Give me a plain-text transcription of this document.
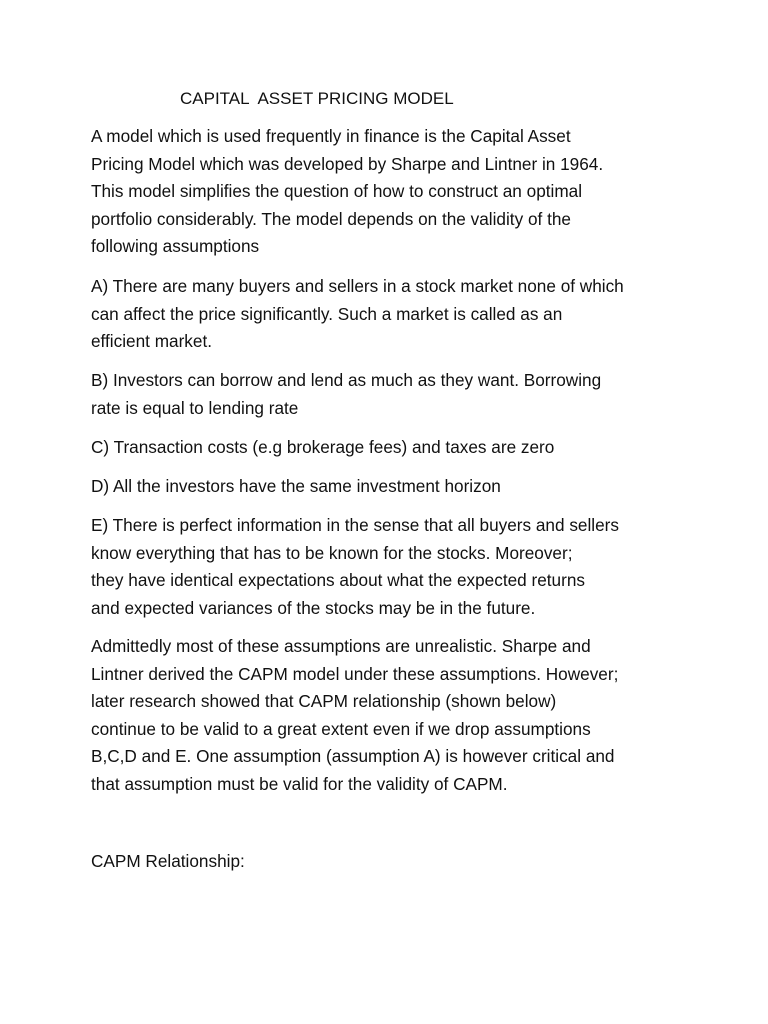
CAPITAL  ASSET PRICING MODEL

A model which is used frequently in finance is the Capital Asset
Pricing Model which was developed by Sharpe and Lintner in 1964.
This model simplifies the question of how to construct an optimal
portfolio considerably. The model depends on the validity of the
following assumptions

A) There are many buyers and sellers in a stock market none of which
can affect the price significantly. Such a market is called as an
efficient market.

B) Investors can borrow and lend as much as they want. Borrowing
rate is equal to lending rate

C) Transaction costs (e.g brokerage fees) and taxes are zero

D) All the investors have the same investment horizon

E) There is perfect information in the sense that all buyers and sellers
know everything that has to be known for the stocks. Moreover;
they have identical expectations about what the expected returns
and expected variances of the stocks may be in the future.

Admittedly most of these assumptions are unrealistic. Sharpe and
Lintner derived the CAPM model under these assumptions. However;
later research showed that CAPM relationship (shown below)
continue to be valid to a great extent even if we drop assumptions
B,C,D and E. One assumption (assumption A) is however critical and
that assumption must be valid for the validity of CAPM.

CAPM Relationship:
